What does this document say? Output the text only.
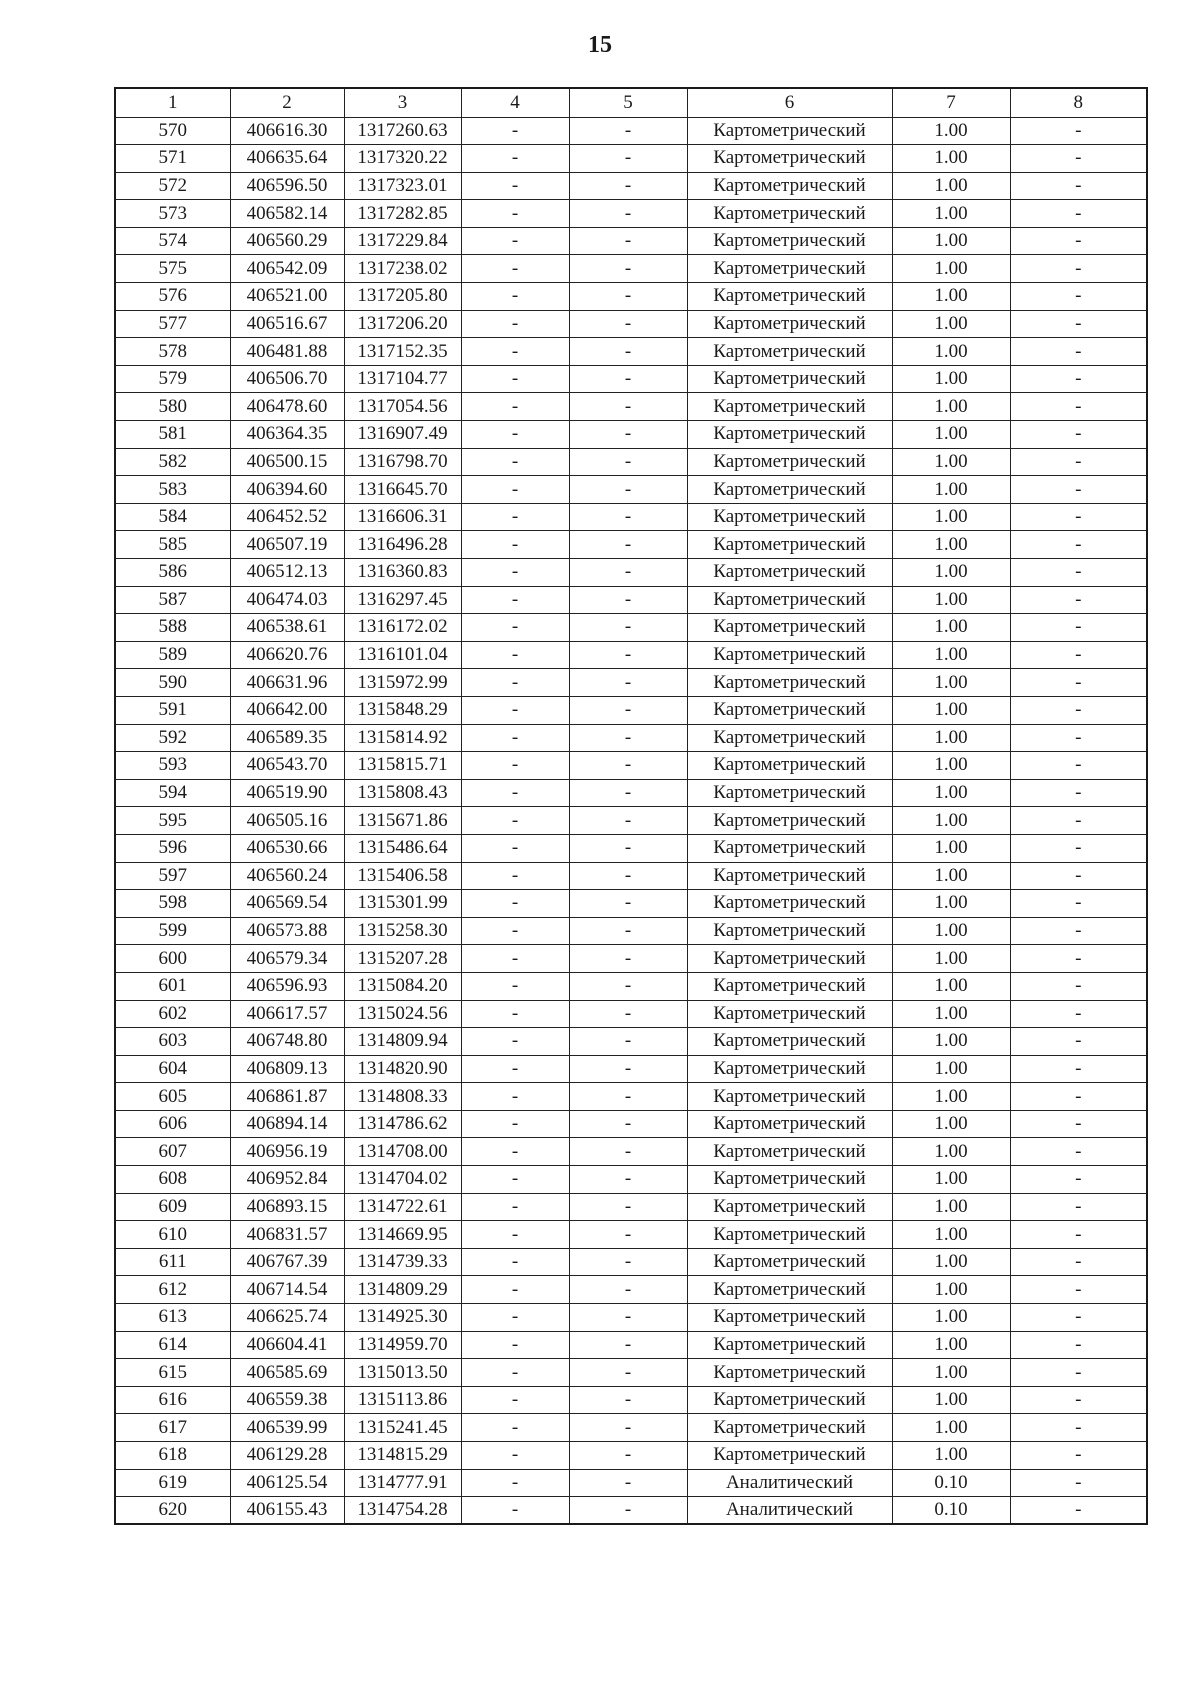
15
1	2	3	4	5	6	7	8
570	406616.30	1317260.63	-	-	Картометрический	1.00	-
571	406635.64	1317320.22	-	-	Картометрический	1.00	-
572	406596.50	1317323.01	-	-	Картометрический	1.00	-
573	406582.14	1317282.85	-	-	Картометрический	1.00	-
574	406560.29	1317229.84	-	-	Картометрический	1.00	-
575	406542.09	1317238.02	-	-	Картометрический	1.00	-
576	406521.00	1317205.80	-	-	Картометрический	1.00	-
577	406516.67	1317206.20	-	-	Картометрический	1.00	-
578	406481.88	1317152.35	-	-	Картометрический	1.00	-
579	406506.70	1317104.77	-	-	Картометрический	1.00	-
580	406478.60	1317054.56	-	-	Картометрический	1.00	-
581	406364.35	1316907.49	-	-	Картометрический	1.00	-
582	406500.15	1316798.70	-	-	Картометрический	1.00	-
583	406394.60	1316645.70	-	-	Картометрический	1.00	-
584	406452.52	1316606.31	-	-	Картометрический	1.00	-
585	406507.19	1316496.28	-	-	Картометрический	1.00	-
586	406512.13	1316360.83	-	-	Картометрический	1.00	-
587	406474.03	1316297.45	-	-	Картометрический	1.00	-
588	406538.61	1316172.02	-	-	Картометрический	1.00	-
589	406620.76	1316101.04	-	-	Картометрический	1.00	-
590	406631.96	1315972.99	-	-	Картометрический	1.00	-
591	406642.00	1315848.29	-	-	Картометрический	1.00	-
592	406589.35	1315814.92	-	-	Картометрический	1.00	-
593	406543.70	1315815.71	-	-	Картометрический	1.00	-
594	406519.90	1315808.43	-	-	Картометрический	1.00	-
595	406505.16	1315671.86	-	-	Картометрический	1.00	-
596	406530.66	1315486.64	-	-	Картометрический	1.00	-
597	406560.24	1315406.58	-	-	Картометрический	1.00	-
598	406569.54	1315301.99	-	-	Картометрический	1.00	-
599	406573.88	1315258.30	-	-	Картометрический	1.00	-
600	406579.34	1315207.28	-	-	Картометрический	1.00	-
601	406596.93	1315084.20	-	-	Картометрический	1.00	-
602	406617.57	1315024.56	-	-	Картометрический	1.00	-
603	406748.80	1314809.94	-	-	Картометрический	1.00	-
604	406809.13	1314820.90	-	-	Картометрический	1.00	-
605	406861.87	1314808.33	-	-	Картометрический	1.00	-
606	406894.14	1314786.62	-	-	Картометрический	1.00	-
607	406956.19	1314708.00	-	-	Картометрический	1.00	-
608	406952.84	1314704.02	-	-	Картометрический	1.00	-
609	406893.15	1314722.61	-	-	Картометрический	1.00	-
610	406831.57	1314669.95	-	-	Картометрический	1.00	-
611	406767.39	1314739.33	-	-	Картометрический	1.00	-
612	406714.54	1314809.29	-	-	Картометрический	1.00	-
613	406625.74	1314925.30	-	-	Картометрический	1.00	-
614	406604.41	1314959.70	-	-	Картометрический	1.00	-
615	406585.69	1315013.50	-	-	Картометрический	1.00	-
616	406559.38	1315113.86	-	-	Картометрический	1.00	-
617	406539.99	1315241.45	-	-	Картометрический	1.00	-
618	406129.28	1314815.29	-	-	Картометрический	1.00	-
619	406125.54	1314777.91	-	-	Аналитический	0.10	-
620	406155.43	1314754.28	-	-	Аналитический	0.10	-
